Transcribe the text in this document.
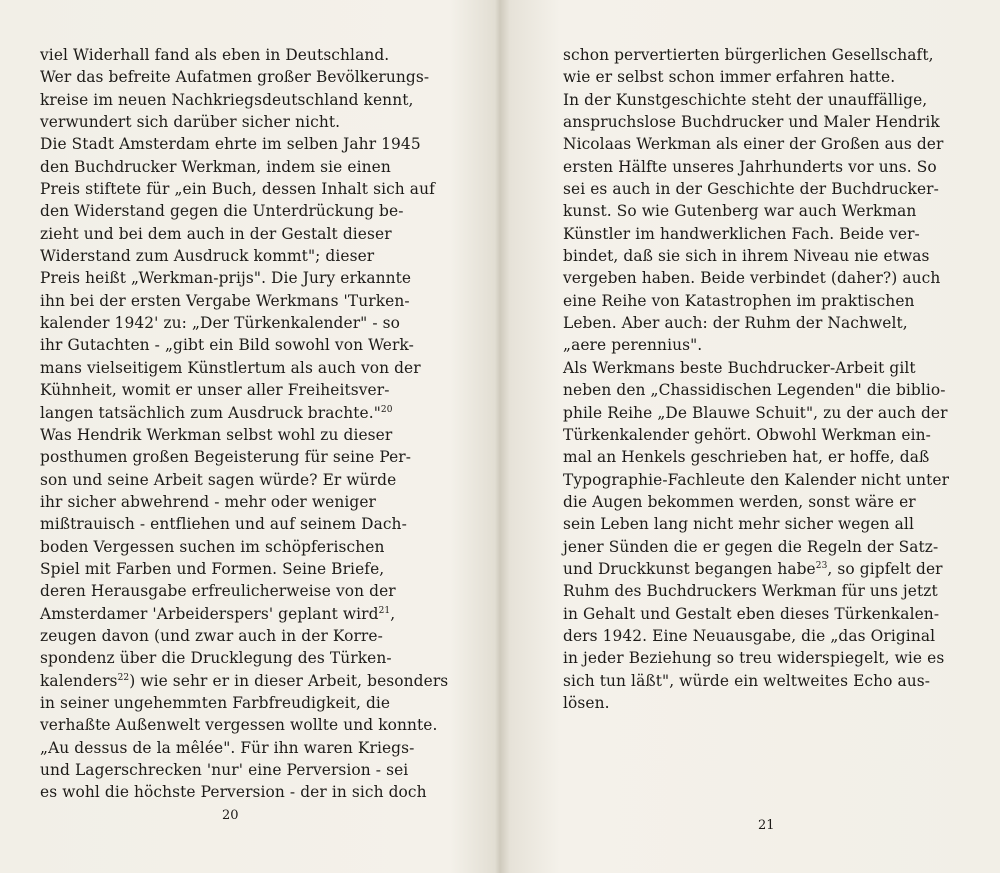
viel Widerhall fand als eben in Deutschland.
Wer das befreite Aufatmen großer Bevölkerungs-
kreise im neuen Nachkriegsdeutschland kennt,
verwundert sich darüber sicher nicht.
Die Stadt Amsterdam ehrte im selben Jahr 1945
den Buchdrucker Werkman, indem sie einen
Preis stiftete für „ein Buch, dessen Inhalt sich auf
den Widerstand gegen die Unterdrückung be-
zieht und bei dem auch in der Gestalt dieser
Widerstand zum Ausdruck kommt"; dieser
Preis heißt „Werkman-prijs". Die Jury erkannte
ihn bei der ersten Vergabe Werkmans 'Turken-
kalender 1942' zu: „Der Türkenkalender" - so
ihr Gutachten - „gibt ein Bild sowohl von Werk-
mans vielseitigem Künstlertum als auch von der
Kühnheit, womit er unser aller Freiheitsver-
langen tatsächlich zum Ausdruck brachte."$^{20}$
Was Hendrik Werkman selbst wohl zu dieser
posthumen großen Begeisterung für seine Per-
son und seine Arbeit sagen würde? Er würde
ihr sicher abwehrend - mehr oder weniger
mißtrauisch - entfliehen und auf seinem Dach-
boden Vergessen suchen im schöpferischen
Spiel mit Farben und Formen. Seine Briefe,
deren Herausgabe erfreulicherweise von der
Amsterdamer 'Arbeiderspers' geplant wird$^{21}$,
zeugen davon (und zwar auch in der Korre-
spondenz über die Drucklegung des Türken-
kalenders$^{22}$) wie sehr er in dieser Arbeit, besonders
in seiner ungehemmten Farbfreudigkeit, die
verhaßte Außenwelt vergessen wollte und konnte.
„Au dessus de la mêlée". Für ihn waren Kriegs-
und Lagerschrecken 'nur' eine Perversion - sei
es wohl die höchste Perversion - der in sich doch
20
schon pervertierten bürgerlichen Gesellschaft,
wie er selbst schon immer erfahren hatte.
In der Kunstgeschichte steht der unauffällige,
anspruchslose Buchdrucker und Maler Hendrik
Nicolaas Werkman als einer der Großen aus der
ersten Hälfte unseres Jahrhunderts vor uns. So
sei es auch in der Geschichte der Buchdrucker-
kunst. So wie Gutenberg war auch Werkman
Künstler im handwerklichen Fach. Beide ver-
bindet, daß sie sich in ihrem Niveau nie etwas
vergeben haben. Beide verbindet (daher?) auch
eine Reihe von Katastrophen im praktischen
Leben. Aber auch: der Ruhm der Nachwelt,
„aere perennius".
Als Werkmans beste Buchdrucker-Arbeit gilt
neben den „Chassidischen Legenden" die biblio-
phile Reihe „De Blauwe Schuit", zu der auch der
Türkenkalender gehört. Obwohl Werkman ein-
mal an Henkels geschrieben hat, er hoffe, daß
Typographie-Fachleute den Kalender nicht unter
die Augen bekommen werden, sonst wäre er
sein Leben lang nicht mehr sicher wegen all
jener Sünden die er gegen die Regeln der Satz-
und Druckkunst begangen habe$^{23}$, so gipfelt der
Ruhm des Buchdruckers Werkman für uns jetzt
in Gehalt und Gestalt eben dieses Türkenkalen-
ders 1942. Eine Neuausgabe, die „das Original
in jeder Beziehung so treu widerspiegelt, wie es
sich tun läßt", würde ein weltweites Echo aus-
lösen.
21
